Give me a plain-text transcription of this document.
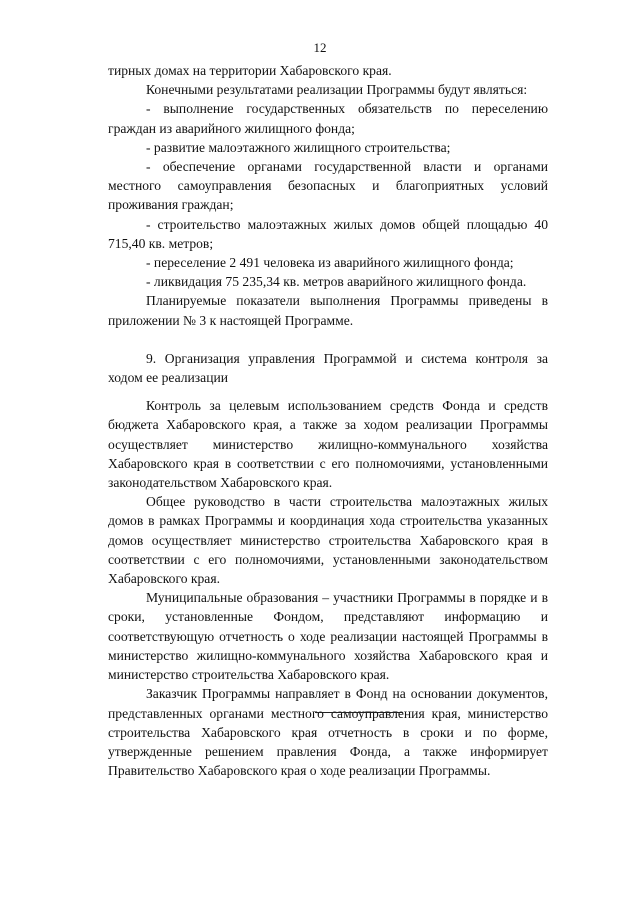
12

тирных домах на территории Хабаровского края.

Конечными результатами реализации Программы будут являться:

- выполнение государственных обязательств по переселению граждан из аварийного жилищного фонда;

- развитие малоэтажного жилищного строительства;

- обеспечение органами государственной власти и органами местного самоуправления безопасных и благоприятных условий проживания граждан;

- строительство малоэтажных жилых домов общей площадью 40 715,40 кв. метров;

- переселение 2 491 человека из аварийного жилищного фонда;

- ликвидация 75 235,34 кв. метров аварийного жилищного фонда.

Планируемые показатели выполнения Программы приведены в приложении № 3 к настоящей Программе.

9. Организация управления Программой и система контроля за ходом ее реализации

Контроль за целевым использованием средств Фонда и средств бюджета Хабаровского края, а также за ходом реализации Программы осуществляет министерство жилищно-коммунального хозяйства Хабаровского края в соответствии с его полномочиями, установленными законодательством Хабаровского края.

Общее руководство в части строительства малоэтажных жилых домов в рамках Программы и координация хода строительства указанных домов осуществляет министерство строительства Хабаровского края в соответствии с его полномочиями, установленными законодательством Хабаровского края.

Муниципальные образования – участники Программы в порядке и в сроки, установленные Фондом, представляют информацию и соответствующую отчетность о ходе реализации настоящей Программы в министерство жилищно-коммунального хозяйства Хабаровского края и министерство строительства Хабаровского края.

Заказчик Программы направляет в Фонд на основании документов, представленных органами местного самоуправления края, министерство строительства Хабаровского края отчетность в сроки и по форме, утвержденные решением правления Фонда, а также информирует Правительство Хабаровского края о ходе реализации Программы.
